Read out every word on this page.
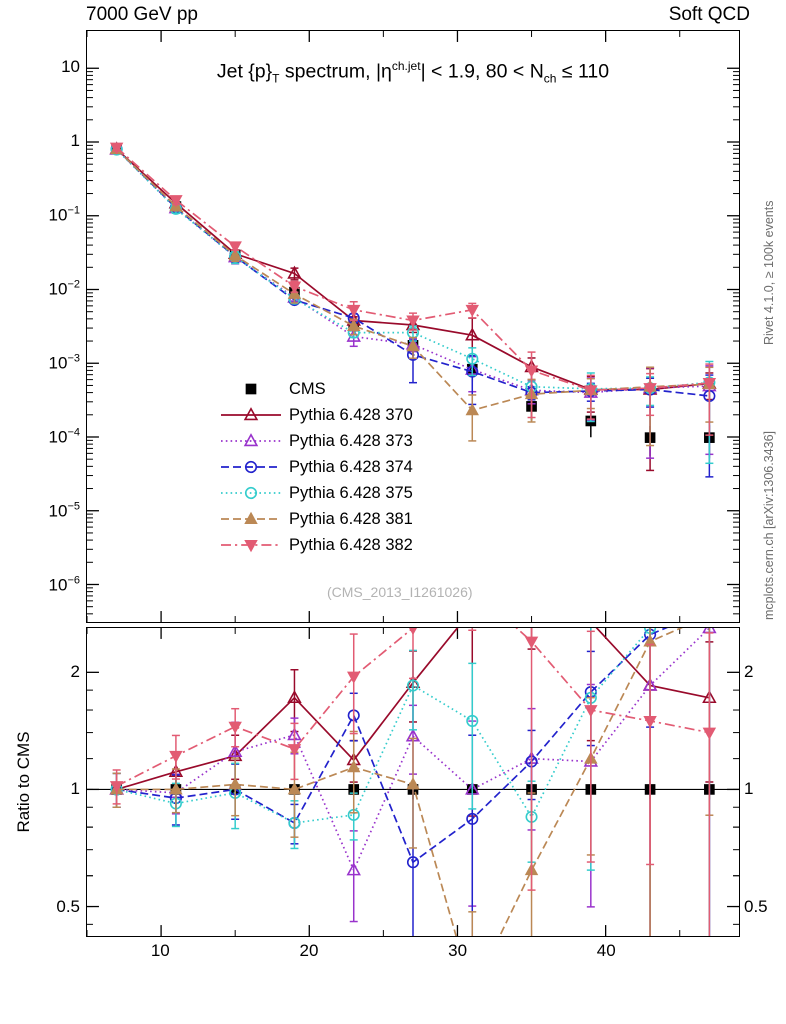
7000 GeV pp	Soft QCD
Rivet 4.1.0, ≥ 100k events
mcplots.cern.ch [arXiv:1306.3436]
Jet $\{p\}_T$ spectrum, $|\eta^{ch.jet}| < 1.9$, $80 < N_{ch} \le 110$
(CMS_2013_I1261026)
CMS
Pythia 6.428 370
Pythia 6.428 373
Pythia 6.428 374
Pythia 6.428 375
Pythia 6.428 381
Pythia 6.428 382
10
1
$10^{-1}$
$10^{-2}$
$10^{-3}$
$10^{-4}$
$10^{-5}$
$10^{-6}$
2
1
0.5
2
1
0.5
10	20	30	40
Ratio to CMS
